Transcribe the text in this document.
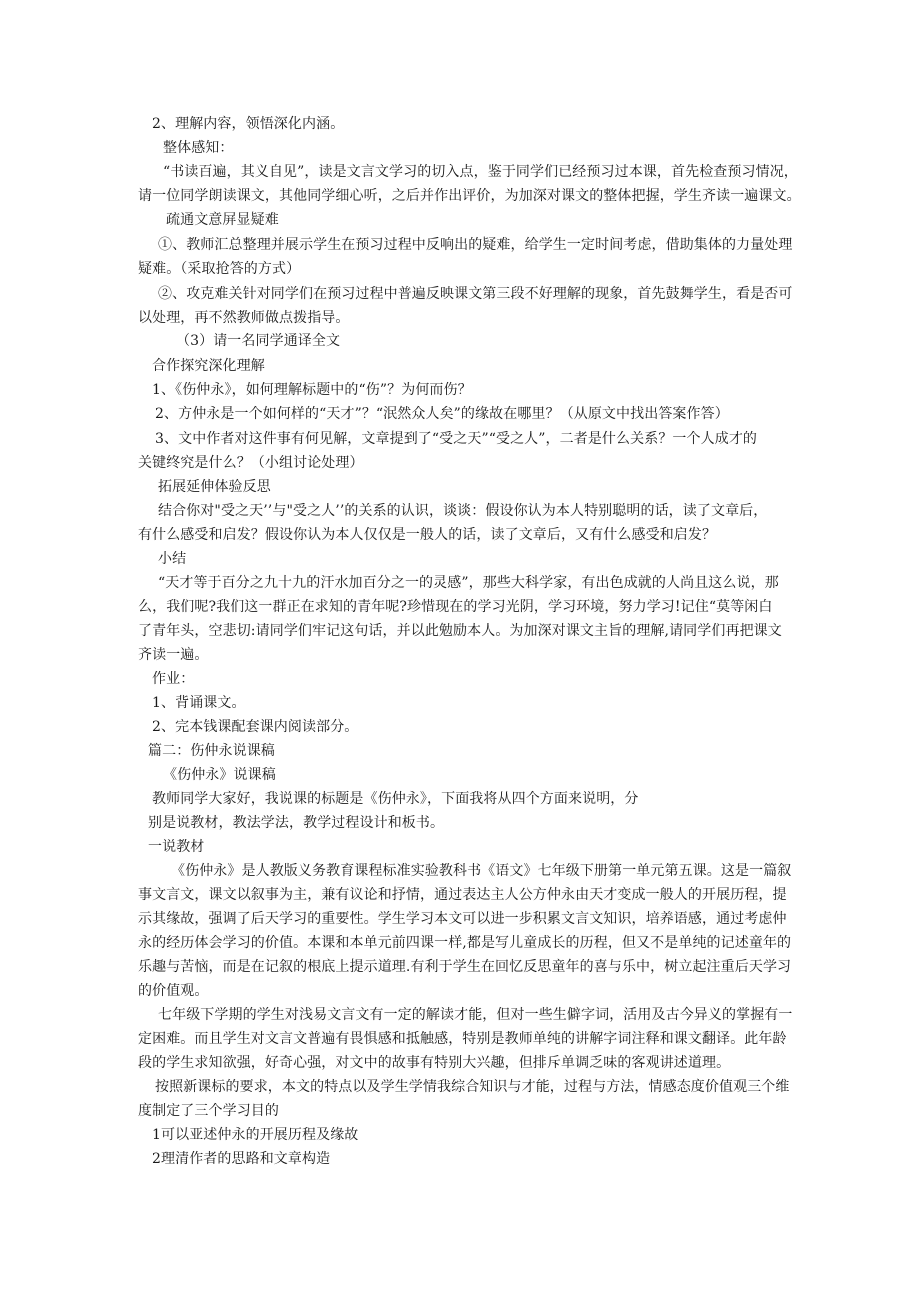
2、理解内容，领悟深化内涵。
整体感知：
“书读百遍，其义自见”，读是文言文学习的切入点，鉴于同学们已经预习过本课，首先检查预习情况，
请一位同学朗读课文，其他同学细心听，之后并作出评价，为加深对课文的整体把握，学生齐读一遍课文。
疏通文意屏显疑难
①、教师汇总整理并展示学生在预习过程中反响出的疑难，给学生一定时间考虑，借助集体的力量处理
疑难。（采取抢答的方式）
②、攻克难关针对同学们在预习过程中普遍反映课文第三段不好理解的现象，首先鼓舞学生，看是否可
以处理，再不然教师做点拨指导。
（3）请一名同学通译全文
合作探究深化理解
1、《伤仲永》，如何理解标题中的“伤”？为何而伤？
2、方仲永是一个如何样的“天才”？“泯然众人矣”的缘故在哪里？（从原文中找出答案作答）
3、文中作者对这件事有何见解，文章提到了“受之天”“受之人”，二者是什么关系？一个人成才的
关键终究是什么？（小组讨论处理）
拓展延伸体验反思
结合你对"受之天’’与"受之人’’的关系的认识，谈谈：假设你认为本人特别聪明的话，读了文章后，
有什么感受和启发？假设你认为本人仅仅是一般人的话，读了文章后，又有什么感受和启发？
小结
“天才等于百分之九十九的汗水加百分之一的灵感”，那些大科学家，有出色成就的人尚且这么说，那
么，我们呢?我们这一群正在求知的青年呢?珍惜现在的学习光阴，学习环境，努力学习!记住“莫等闲白
了青年头，空悲切:请同学们牢记这句话，并以此勉励本人。为加深对课文主旨的理解,请同学们再把课文
齐读一遍。
作业：
1、背诵课文。
2、完本钱课配套课内阅读部分。
篇二：伤仲永说课稿
《伤仲永》说课稿
教师同学大家好，我说课的标题是《伤仲永》，下面我将从四个方面来说明，分
别是说教材，教法学法，教学过程设计和板书。
一说教材
《伤仲永》是人教版义务教育课程标准实验教科书《语文》七年级下册第一单元第五课。这是一篇叙
事文言文，课文以叙事为主，兼有议论和抒情，通过表达主人公方仲永由天才变成一般人的开展历程，提
示其缘故，强调了后天学习的重要性。学生学习本文可以进一步积累文言文知识，培养语感，通过考虑仲
永的经历体会学习的价值。本课和本单元前四课一样,都是写儿童成长的历程，但又不是单纯的记述童年的
乐趣与苦恼，而是在记叙的根底上提示道理.有利于学生在回忆反思童年的喜与乐中，树立起注重后天学习
的价值观。
七年级下学期的学生对浅易文言文有一定的解读才能，但对一些生僻字词，活用及古今异义的掌握有一
定困难。而且学生对文言文普遍有畏惧感和抵触感，特别是教师单纯的讲解字词注释和课文翻译。此年龄
段的学生求知欲强，好奇心强，对文中的故事有特别大兴趣，但排斥单调乏味的客观讲述道理。
按照新课标的要求，本文的特点以及学生学情我综合知识与才能，过程与方法，情感态度价值观三个维
度制定了三个学习目的
1可以亚述仲永的开展历程及缘故
2理清作者的思路和文章构造
